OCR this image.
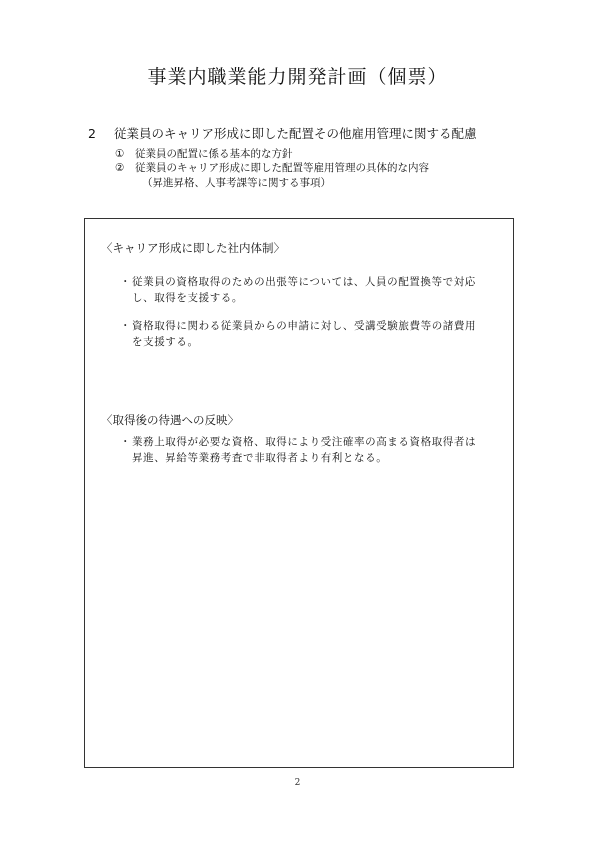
事業内職業能力開発計画（個票）
2 従業員のキャリア形成に即した配置その他雇用管理に関する配慮
① 従業員の配置に係る基本的な方針
② 従業員のキャリア形成に即した配置等雇用管理の具体的な内容
（昇進昇格、人事考課等に関する事項）
〈キャリア形成に即した社内体制〉
・ 従業員の資格取得のための出張等については、人員の配置換等で対応し、取得を支援する。
・ 資格取得に関わる従業員からの申請に対し、受講受験旅費等の諸費用を支援する。
〈取得後の待遇への反映〉
・ 業務上取得が必要な資格、取得により受注確率の高まる資格取得者は昇進、昇給等業務考査で非取得者より有利となる。
2
